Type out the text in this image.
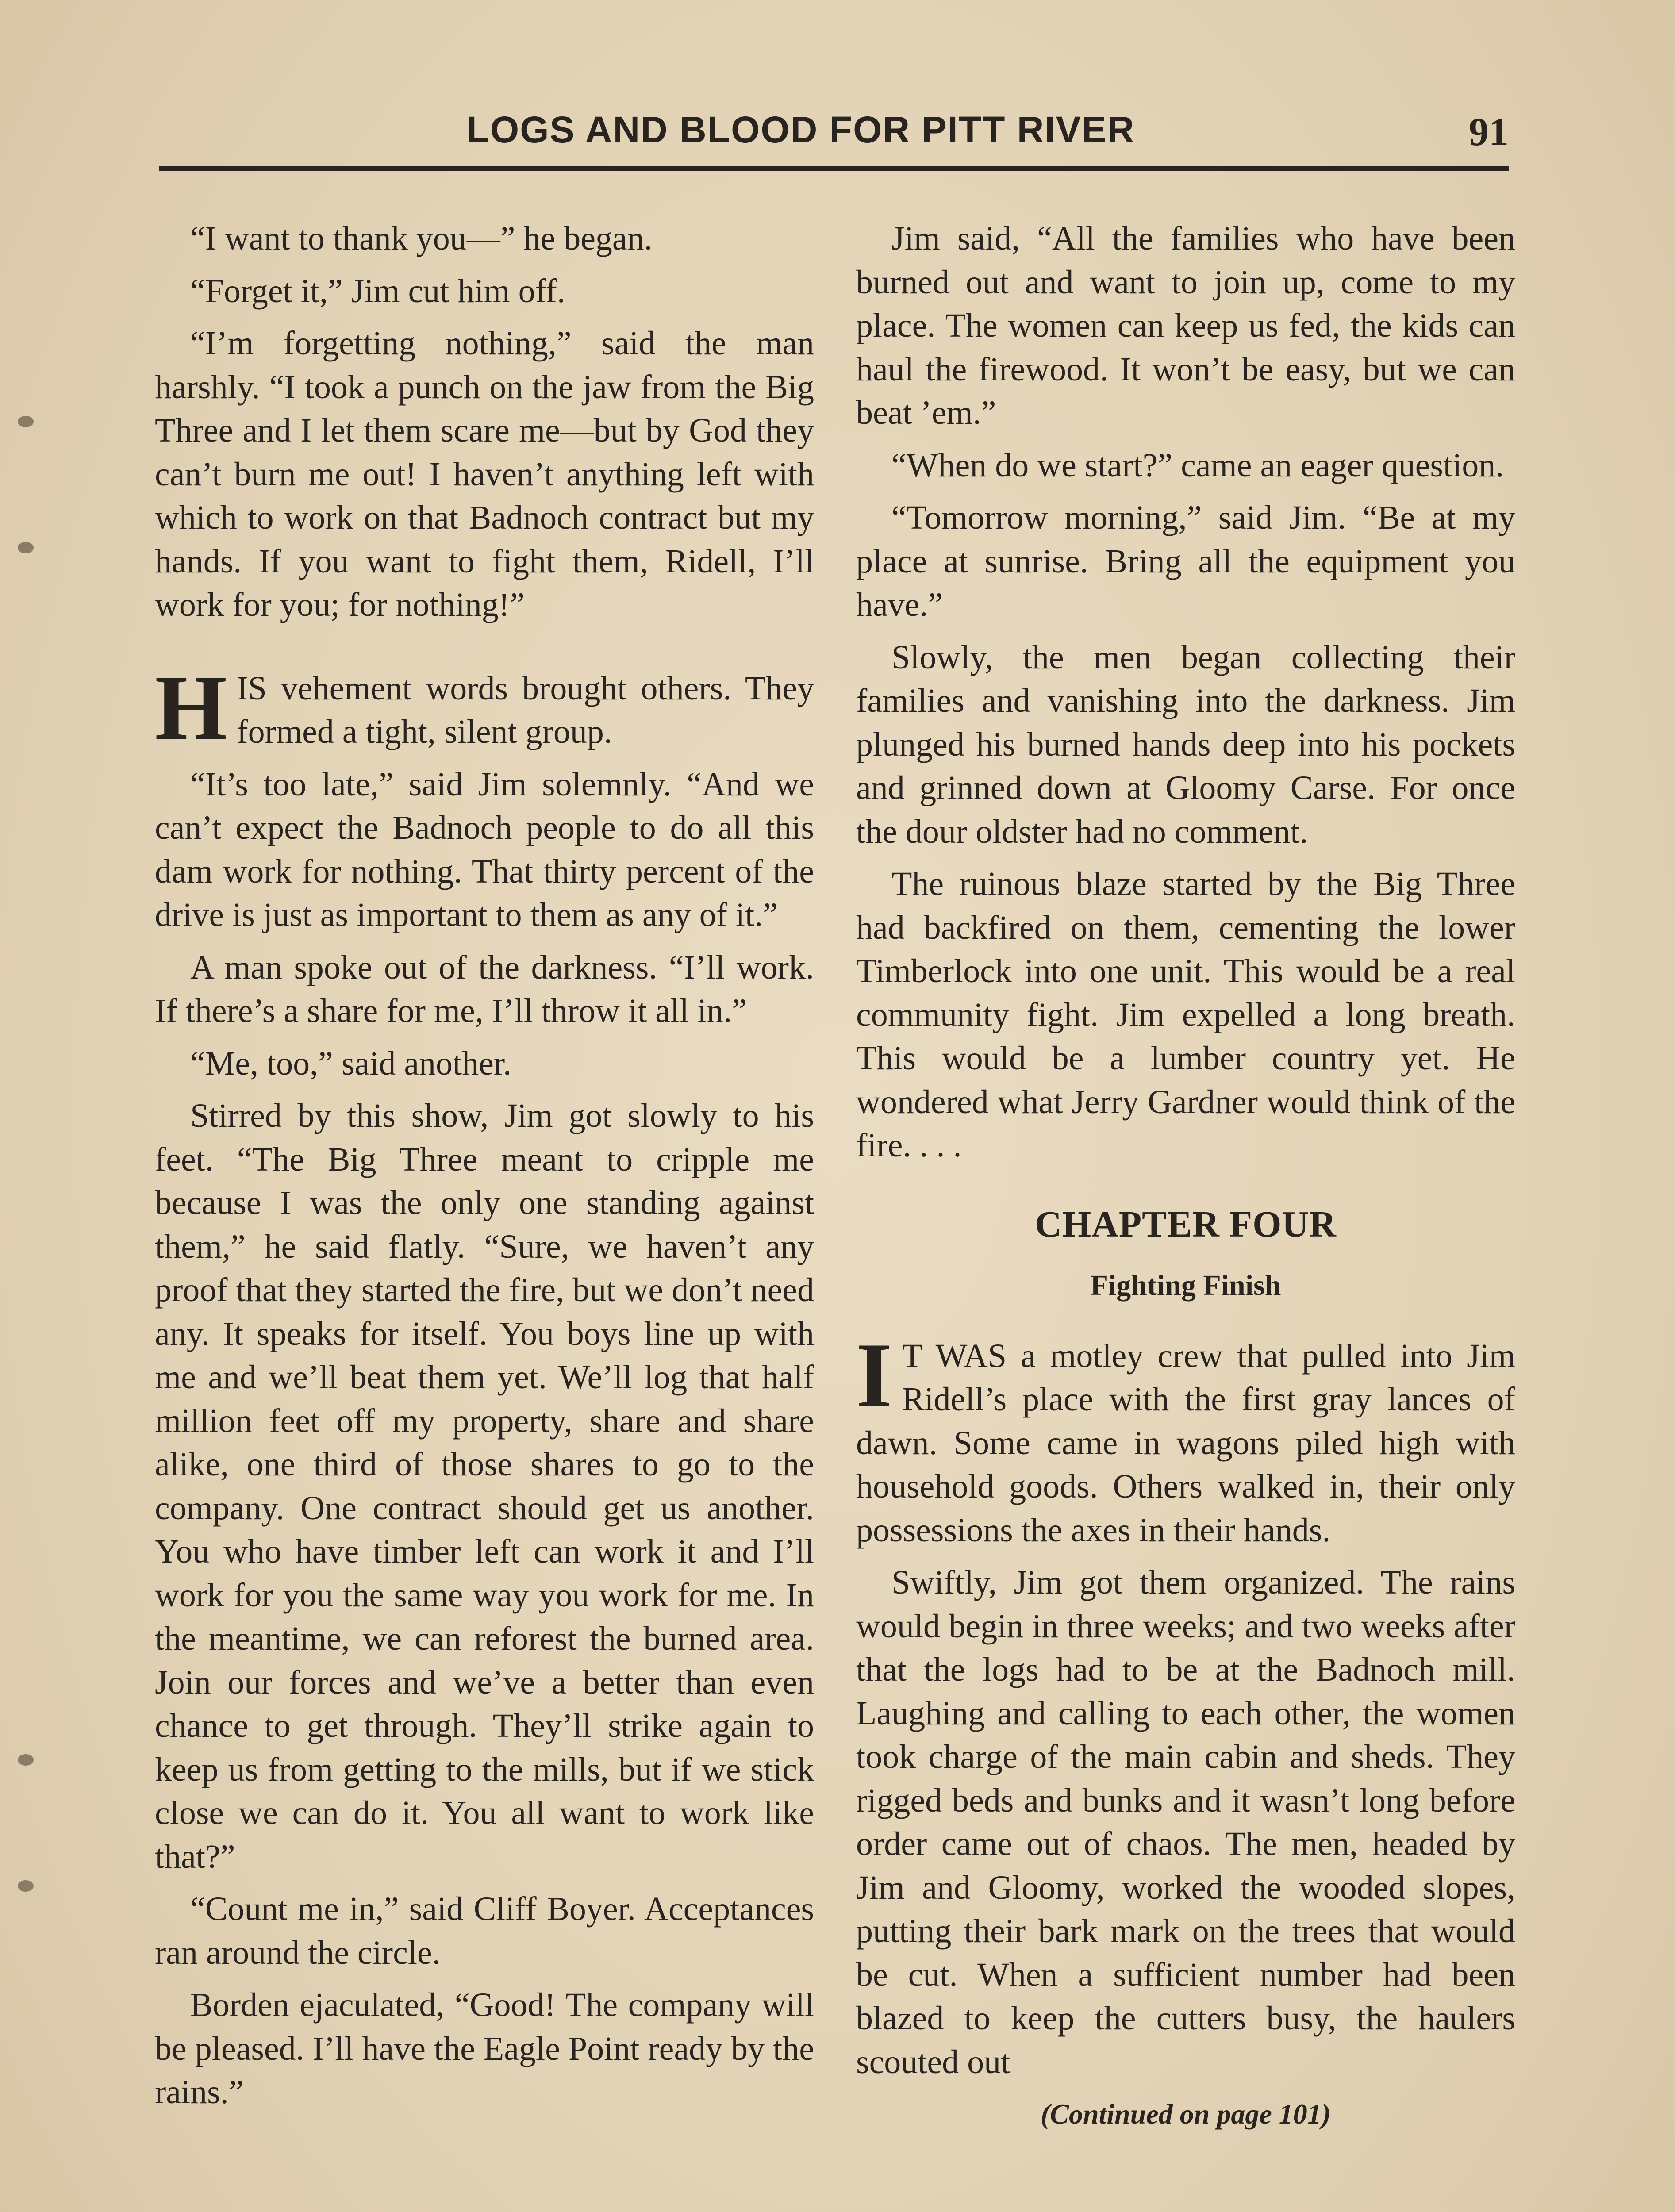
LOGS AND BLOOD FOR PITT RIVER	91

“I want to thank you—” he began.

“Forget it,” Jim cut him off.

“I’m forgetting nothing,” said the man harshly. “I took a punch on the jaw from the Big Three and I let them scare me—but by God they can’t burn me out! I haven’t anything left with which to work on that Badnoch contract but my hands. If you want to fight them, Ridell, I’ll work for you; for nothing!”

HIS vehement words brought others. They formed a tight, silent group.

“It’s too late,” said Jim solemnly. “And we can’t expect the Badnoch people to do all this dam work for nothing. That thirty percent of the drive is just as important to them as any of it.”

A man spoke out of the darkness. “I’ll work. If there’s a share for me, I’ll throw it all in.”

“Me, too,” said another.

Stirred by this show, Jim got slowly to his feet. “The Big Three meant to cripple me because I was the only one standing against them,” he said flatly. “Sure, we haven’t any proof that they started the fire, but we don’t need any. It speaks for itself. You boys line up with me and we’ll beat them yet. We’ll log that half million feet off my property, share and share alike, one third of those shares to go to the company. One contract should get us another. You who have timber left can work it and I’ll work for you the same way you work for me. In the meantime, we can reforest the burned area. Join our forces and we’ve a better than even chance to get through. They’ll strike again to keep us from getting to the mills, but if we stick close we can do it. You all want to work like that?”

“Count me in,” said Cliff Boyer. Acceptances ran around the circle.

Borden ejaculated, “Good! The company will be pleased. I’ll have the Eagle Point ready by the rains.”

Jim said, “All the families who have been burned out and want to join up, come to my place. The women can keep us fed, the kids can haul the firewood. It won’t be easy, but we can beat ’em.”

“When do we start?” came an eager question.

“Tomorrow morning,” said Jim. “Be at my place at sunrise. Bring all the equipment you have.”

Slowly, the men began collecting their families and vanishing into the darkness. Jim plunged his burned hands deep into his pockets and grinned down at Gloomy Carse. For once the dour oldster had no comment.

The ruinous blaze started by the Big Three had backfired on them, cementing the lower Timberlock into one unit. This would be a real community fight. Jim expelled a long breath. This would be a lumber country yet. He wondered what Jerry Gardner would think of the fire. . . .

CHAPTER FOUR
Fighting Finish

I T WAS a motley crew that pulled into Jim Ridell’s place with the first gray lances of dawn. Some came in wagons piled high with household goods. Others walked in, their only possessions the axes in their hands.

Swiftly, Jim got them organized. The rains would begin in three weeks; and two weeks after that the logs had to be at the Badnoch mill. Laughing and calling to each other, the women took charge of the main cabin and sheds. They rigged beds and bunks and it wasn’t long before order came out of chaos. The men, headed by Jim and Gloomy, worked the wooded slopes, putting their bark mark on the trees that would be cut. When a sufficient number had been blazed to keep the cutters busy, the haulers scouted out

(Continued on page 101)
